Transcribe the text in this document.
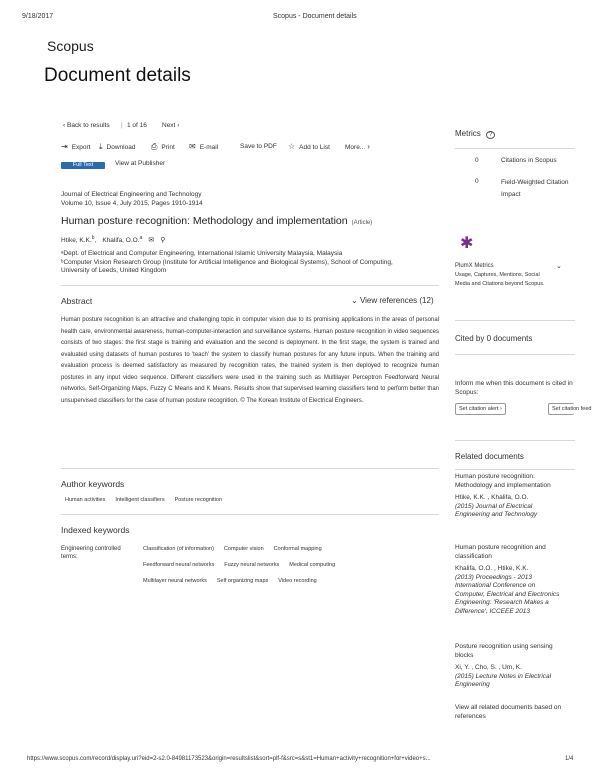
9/18/2017	Scopus - Document details
Scopus
Document details
‹ Back to results | 1 of 16 Next ›
⇥ Export ⤓ Download ⎙ Print ✉ E-mail	Save to PDF ☆ Add to List More... ›
Full Text	View at Publisher
Journal of Electrical Engineering and Technology
Volume 10, Issue 4, July 2015, Pages 1910-1914
Human posture recognition: Methodology and implementation (Article)
Htike, K.K.$^b$, Khalifa, O.O.$^a$ ✉ ⚲
ᵃDept. of Electrical and Computer Engineering, International Islamic University Malaysia, Malaysia
ᵇComputer Vision Research Group (Institute for Artificial Intelligence and Biological Systems), School of Computing, University of Leeds, United Kingdom
Abstract	⌄ View references (12)
Human posture recognition is an attractive and challenging topic in computer vision due to its promising applications in the areas of personal health care, environmental awareness, human-computer-interaction and surveillance systems. Human posture recognition in video sequences consists of two stages: the first stage is training and evaluation and the second is deployment. In the first stage, the system is trained and evaluated using datasets of human postures to 'teach' the system to classify human postures for any future inputs. When the training and evaluation process is deemed satisfactory as measured by recognition rates, the trained system is then deployed to recognize human postures in any input video sequence. Different classifiers were used in the training such as Multilayer Perceptron Feedforward Neural networks, Self-Organizing Maps, Fuzzy C Means and K Means. Results show that supervised learning classifiers tend to perform better than unsupervised classifiers for the case of human posture recognition. © The Korean Institute of Electrical Engineers.
Author keywords
Human activities Intelligent classifiers Posture recognition
Indexed keywords
Engineering controlled terms:
Classification (of information) Computer vision Conformal mapping
Feedforward neural networks Fuzzy neural networks Medical computing
Multilayer neural networks Self organizing maps Video recording
Metrics ?
0	Citations in Scopus
0	Field-Weighted Citation Impact
✱
PlumX Metrics
Usage, Captures, Mentions, Social Media and Citations beyond Scopus.
⌄
Cited by 0 documents
Inform me when this document is cited in Scopus:
Set citation alert ›	Set citation feed
Related documents
Human posture recognition: Methodology and implementation
Htike, K.K. , Khalifa, O.O.
(2015) Journal of Electrical Engineering and Technology
Human posture recognition and classification
Khalifa, O.O. , Htike, K.K.
(2013) Proceedings - 2013 International Conference on Computer, Electrical and Electronics Engineering: 'Research Makes a Difference', ICCEEE 2013
Posture recognition using sensing blocks
Xi, Y. , Cho, S. , Um, K.
(2015) Lecture Notes in Electrical Engineering
View all related documents based on references
https://www.scopus.com/record/display.uri?eid=2-s2.0-84981173523&origin=resultslist&sort=plf-f&src=s&st1=Human+activity+recognition+for+video+s...	1/4
